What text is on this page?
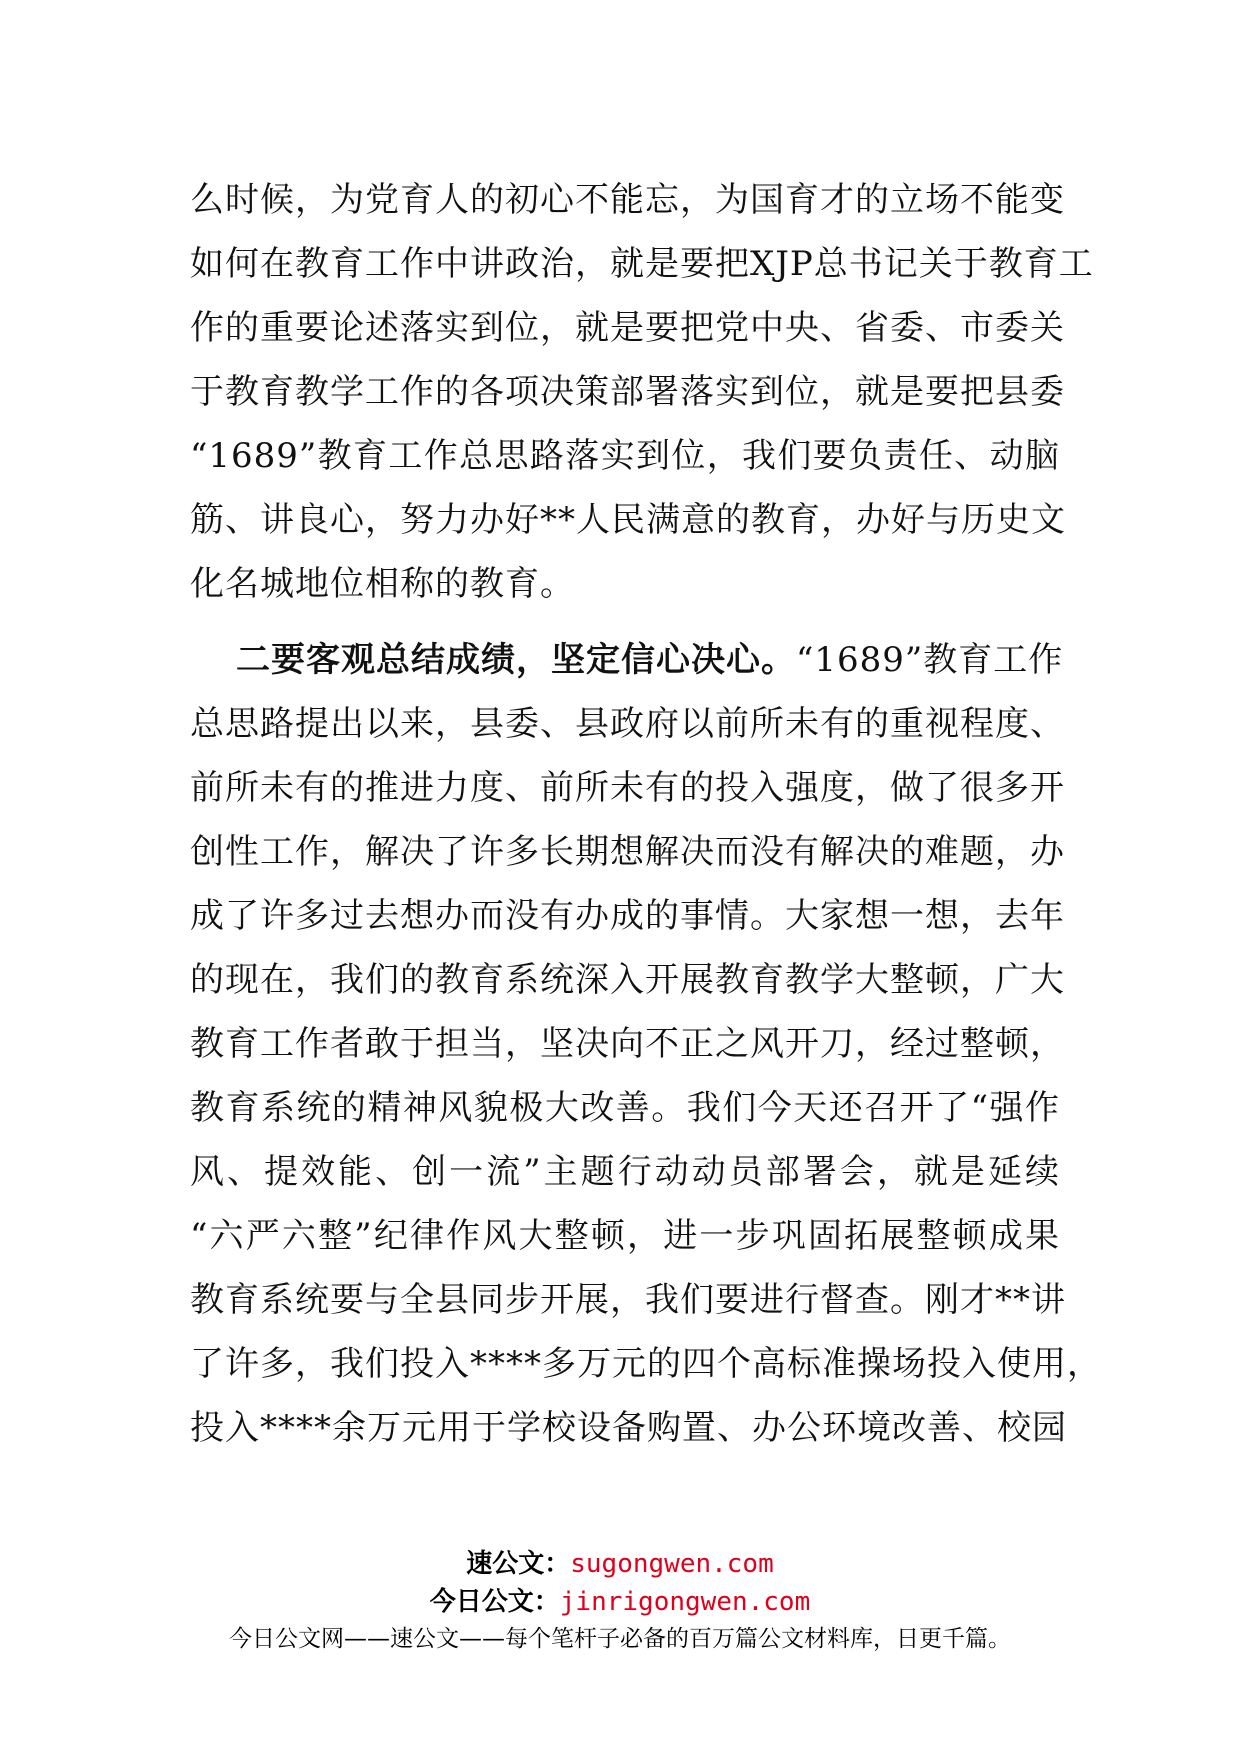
么时候，为党育人的初心不能忘，为国育才的立场不能变
如何在教育工作中讲政治，就是要把XJP总书记关于教育工
作的重要论述落实到位，就是要把党中央、省委、市委关
于教育教学工作的各项决策部署落实到位，就是要把县委
“1689”教育工作总思路落实到位，我们要负责任、动脑
筋、讲良心，努力办好**人民满意的教育，办好与历史文
化名城地位相称的教育。
二要客观总结成绩，坚定信心决心。“1689”教育工作
总思路提出以来，县委、县政府以前所未有的重视程度、
前所未有的推进力度、前所未有的投入强度，做了很多开
创性工作，解决了许多长期想解决而没有解决的难题，办
成了许多过去想办而没有办成的事情。大家想一想，去年
的现在，我们的教育系统深入开展教育教学大整顿，广大
教育工作者敢于担当，坚决向不正之风开刀，经过整顿，
教育系统的精神风貌极大改善。我们今天还召开了“强作
风、提效能、创一流”主题行动动员部署会，就是延续
“六严六整”纪律作风大整顿，进一步巩固拓展整顿成果
教育系统要与全县同步开展，我们要进行督查。刚才**讲
了许多，我们投入****多万元的四个高标准操场投入使用，
投入****余万元用于学校设备购置、办公环境改善、校园
速公文：sugongwen.com
今日公文：jinrigongwen.com
今日公文网——速公文——每个笔杆子必备的百万篇公文材料库，日更千篇。
